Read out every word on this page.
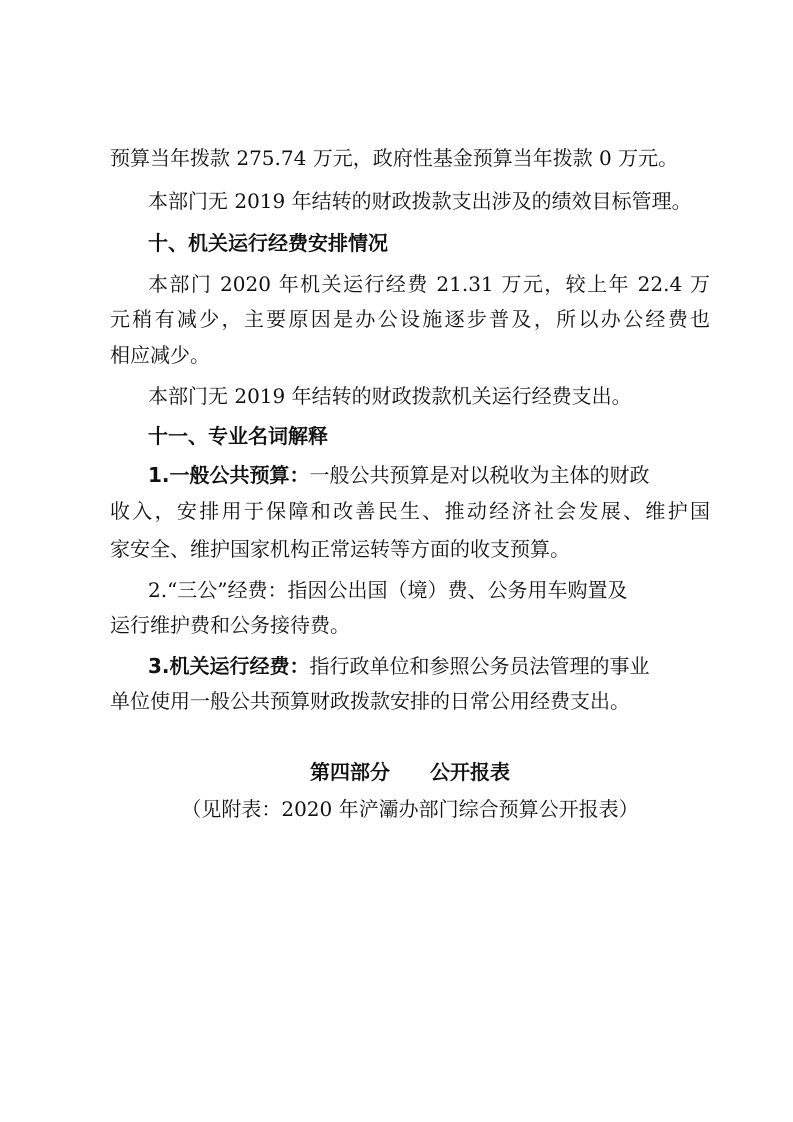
预算当年拨款 275.74 万元，政府性基金预算当年拨款 0 万元。
本部门无 2019 年结转的财政拨款支出涉及的绩效目标管理。
十、机关运行经费安排情况
本部门 2020 年机关运行经费 21.31 万元，较上年 22.4 万
元稍有减少，主要原因是办公设施逐步普及，所以办公经费也
相应减少。
本部门无 2019 年结转的财政拨款机关运行经费支出。
十一、专业名词解释
1.一般公共预算：一般公共预算是对以税收为主体的财政
收入，安排用于保障和改善民生、推动经济社会发展、维护国
家安全、维护国家机构正常运转等方面的收支预算。
2.“三公”经费：指因公出国（境）费、公务用车购置及
运行维护费和公务接待费。
3.机关运行经费：指行政单位和参照公务员法管理的事业
单位使用一般公共预算财政拨款安排的日常公用经费支出。
第四部分　　公开报表
（见附表：2020 年浐灞办部门综合预算公开报表）
